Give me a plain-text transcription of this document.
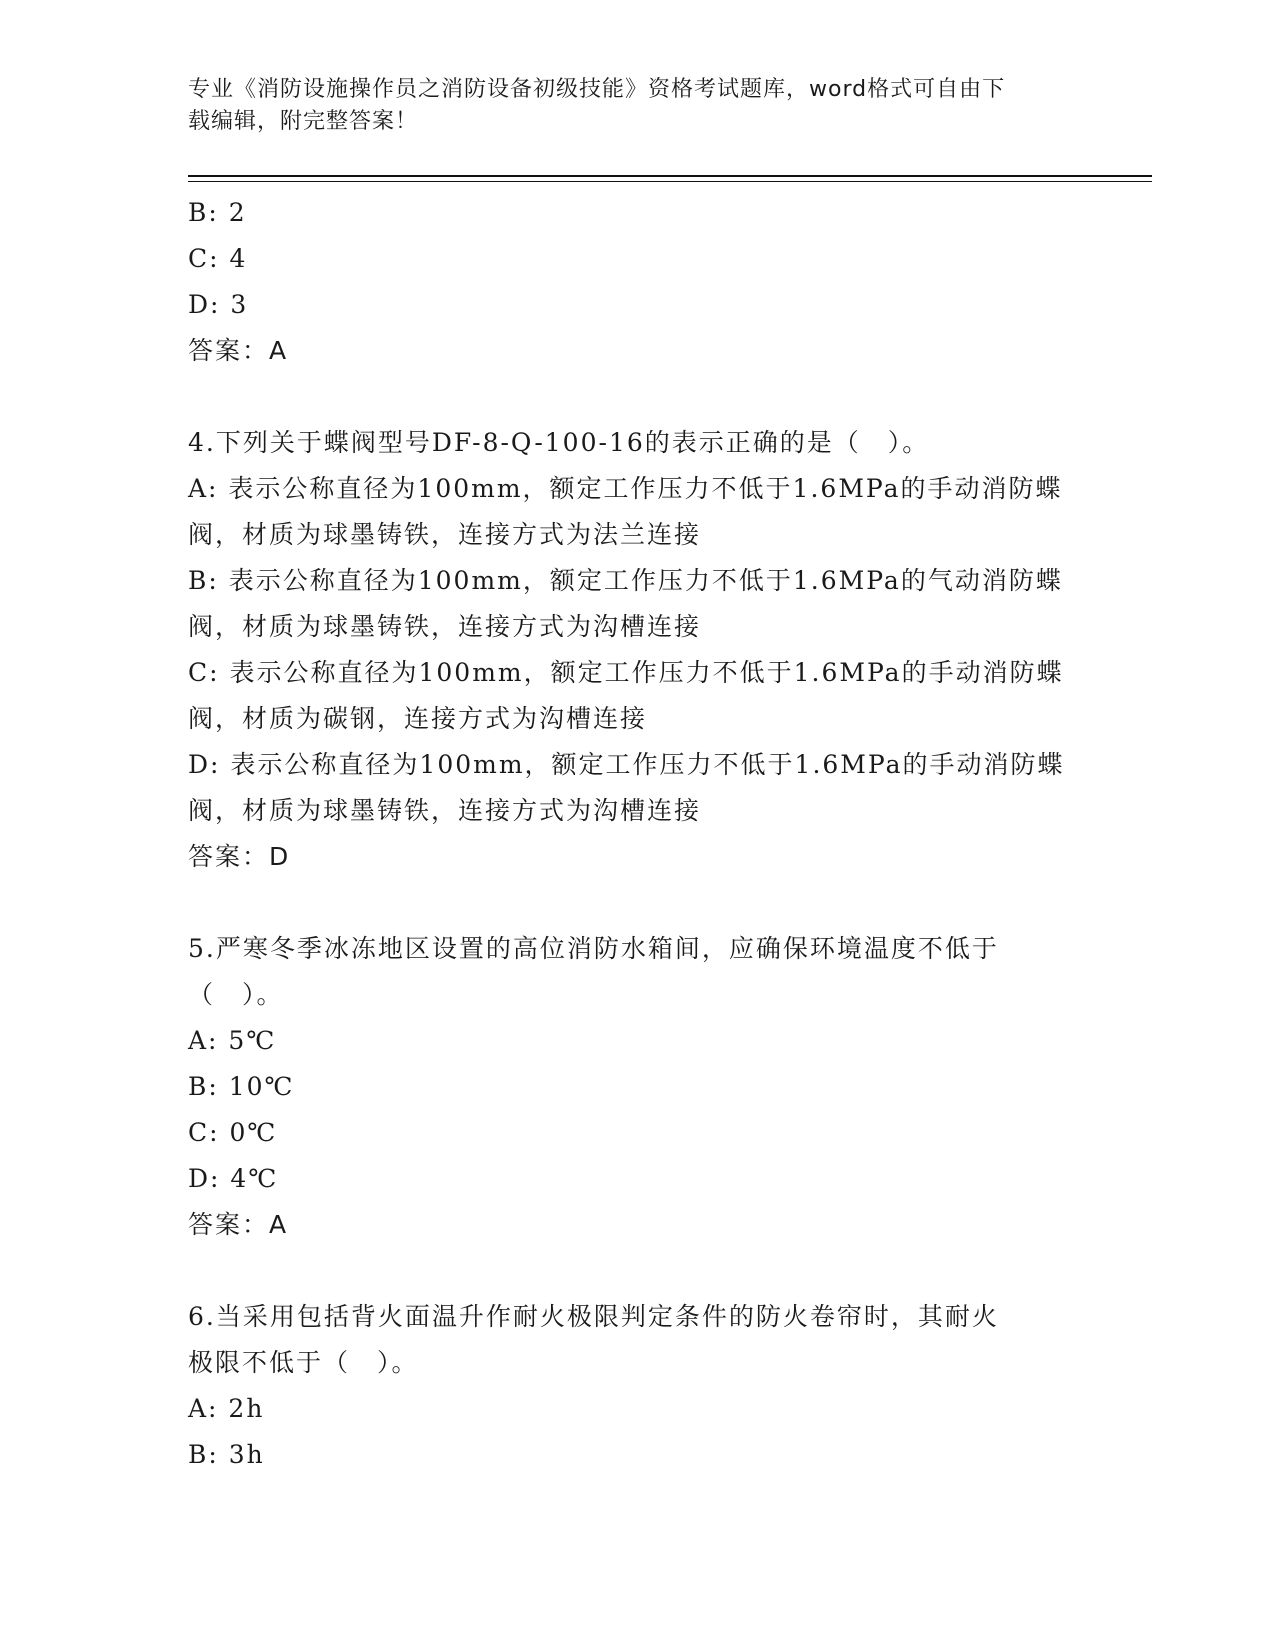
专业《消防设施操作员之消防设备初级技能》资格考试题库，word格式可自由下
载编辑，附完整答案！
B: 2
C: 4
D: 3
答案：A
4.下列关于蝶阀型号DF-8-Q-100-16的表示正确的是（　）。
A: 表示公称直径为100mm，额定工作压力不低于1.6MPa的手动消防蝶
阀，材质为球墨铸铁，连接方式为法兰连接
B: 表示公称直径为100mm，额定工作压力不低于1.6MPa的气动消防蝶
阀，材质为球墨铸铁，连接方式为沟槽连接
C: 表示公称直径为100mm，额定工作压力不低于1.6MPa的手动消防蝶
阀，材质为碳钢，连接方式为沟槽连接
D: 表示公称直径为100mm，额定工作压力不低于1.6MPa的手动消防蝶
阀，材质为球墨铸铁，连接方式为沟槽连接
答案：D
5.严寒冬季冰冻地区设置的高位消防水箱间，应确保环境温度不低于
（　）。
A: 5℃
B: 10℃
C: 0℃
D: 4℃
答案：A
6.当采用包括背火面温升作耐火极限判定条件的防火卷帘时，其耐火
极限不低于（　）。
A: 2h
B: 3h
